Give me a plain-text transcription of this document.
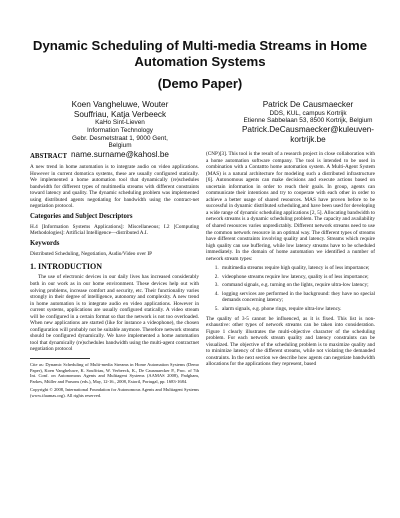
Dynamic Scheduling of Multi-media Streams in Home Automation Systems
(Demo Paper)
Koen Vangheluwe, Wouter Souffriau, Katja Verbeeck
KaHo Sint-Lieven
Information Technology
Gebr. Desmetstraat 1, 9000 Gent, Belgium
name.surname@kahosl.be
Patrick De Causmaecker
DDS, KUL, campus Kortrijk
Etienne Sabbelaan 53, 8500 Kortrijk, Belgium
Patrick.DeCausmaecker@kuleuven-kortrijk.be
ABSTRACT

A new trend in home automation is to integrate audio on video applications. However in current domotica systems, these are usually configured statically. We implemented a home automation tool that dynamically (re)schedules bandwidth for different types of multimedia streams with different constraints toward latency and quality. The dynamic scheduling problem was implemented using distributed agents negotiating for bandwidth using the contract-net negotiation protocol.

Categories and Subject Descriptors

H.4 [Information Systems Applications]: Miscellaneous; I.2 [Computing Methodologies]: Artificial Intelligence—distributed A.I.

Keywords

Distributed Scheduling, Negotiation, Audio/Video over IP

1. INTRODUCTION

The use of electronic devices in our daily lives has increased considerably both in our work as in our home environment. These devices help out with solving problems, increase comfort and security, etc. Their functionality varies strongly in their degree of intelligence, autonomy and complexity. A new trend in home automation is to integrate audio en video applications. However in current systems, applications are usually configured statically. A video stream will be configured in a certain format so that the network is not too overloaded. When new applications are started (like for instance a videophone), the chosen configuration will probably not be suitable anymore. Therefore network streams should be configured dynamically. We have implemented a home automation tool that dynamically (re)schedules bandwidth using the multi-agent contractnet negotiation protocol

Cite as: Dynamic Scheduling of Multi-media Streams in Home Automation Systems (Demo Paper), Koen Vangheluwe, K. Souffriau, W. Verbeeck, K., De Causmaecker P., Proc. of 7th Int. Conf. on Autonomous Agents and Multiagent Systems (AAMAS 2008), Padgham, Parkes, Müller and Parsons (eds.), May, 12-16., 2008, Estoril, Portugal, pp. 1683-1684.

Copyright © 2008, International Foundation for Autonomous Agents and Multiagent Systems (www.ifaamas.org). All rights reserved.

(CNP)[3]. This tool is the result of a research project in close collaboration with a home automation software company. The tool is intended to be used in combination with a Contattto home automation system. A Multi-Agent System (MAS) is a natural architecture for modeling such a distributed infrastructure [6]. Autonomous agents can make decisions and execute actions based on uncertain information in order to reach their goals. In group, agents can communicate their intentions and try to cooperate with each other in order to achieve a better usage of shared resources. MAS have proven before to be successful in dynamic distributed scheduling,and have been used for developing a wide range of dynamic scheduling applications [2, 5]. Allocating bandwidth to network streams is a dynamic scheduling problem. The capacity and availability of shared resources varies unpredictably. Different network streams need to use the common network resource in an optimal way. The different types of streams have different constraints involving quality and latency. Streams which require high quality can use buffering, while low latency streams have to be scheduled immediately. In the domain of home automation we identified a number of network stream types:

1. multimedia streams require high quality, latency is of less importance;
2. videophone streams require low latency, quality is of less importance;
3. command signals, e.g. turning on the lights, require ultra-low latency;
4. logging services are performed in the background: they have no special demands concerning latency;
5. alarm signals, e.g. phone rings, require ultra-low latency.

The quality of 3-5 cannot be influenced, as it is fixed. This list is non-exhaustive: other types of network streams can be taken into consideration. Figure 1 clearly illustrates the multi-objective character of the scheduling problem. For each network stream quality and latency constraints can be visualized. The objective of the scheduling problem is to maximize quality and to minimize latency of the different streams, while not violating the demanded constraints. In the next section we describe how agents can negotiate bandwidth allocations for the applications they represent, based
